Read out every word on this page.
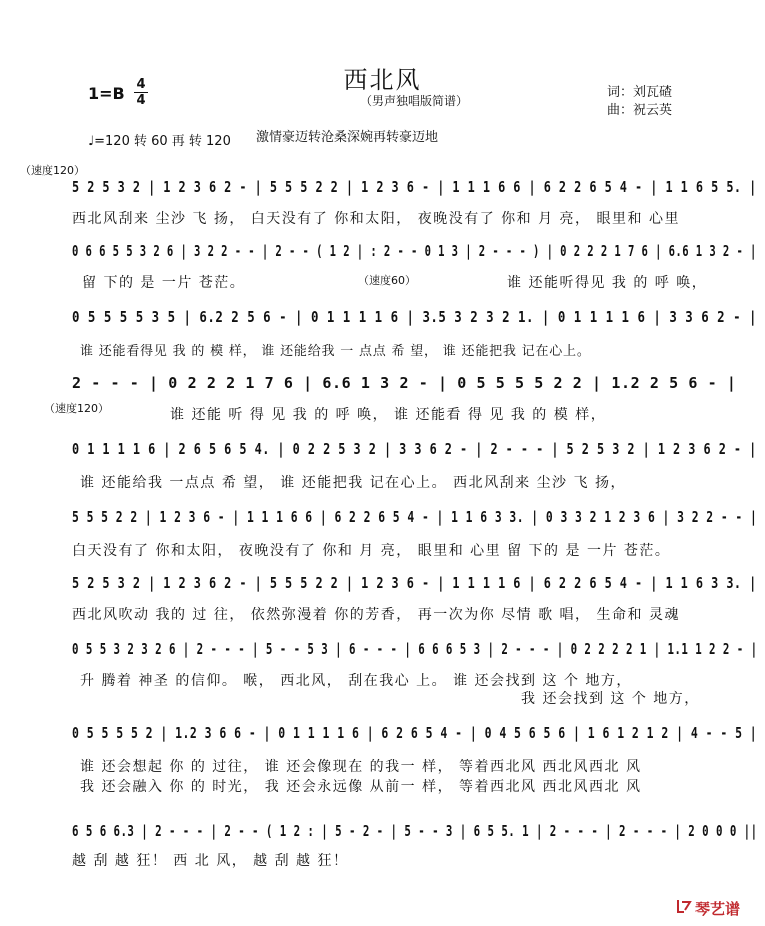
西北风
（男声独唱版简谱）
1=B 4
4
词：刘瓦碴
曲：祝云英
♩=120 转 60 再 转 120 激情豪迈转沧桑深婉再转豪迈地
（速度120）
5 2 5 3 2 | 1 2 3 6 2 - | 5 5 5 2 2 | 1 2 3 6 - | 1 1 1 6 6 | 6 2 2 6 5 4 - | 1 1 6 5 5. |
西北风刮来 尘沙 飞 扬， 白天没有了 你和太阳， 夜晚没有了 你和 月 亮， 眼里和 心里
0 6 6 5 5 3 2 6 | 3 2 2 - - | 2 - - ( 1 2 | : 2 - - 0 1 3 | 2 - - - ) | 0 2 2 2 1 7 6 | 6.6 1 3 2 - |
留 下的 是 一片 苍茫。	（速度60）	谁 还能听得见 我 的 呼 唤，
0 5 5 5 5 3 5 | 6.2 2 5 6 - | 0 1 1 1 1 6 | 3.5 3 2 3 2 1. | 0 1 1 1 1 6 | 3 3 6 2 - |
谁 还能看得见 我 的 模 样， 谁 还能给我 一 点点 希 望， 谁 还能把我 记在心上。
2 - - - | 0 2 2 2 1 7 6 | 6.6 1 3 2 - | 0 5 5 5 5 2 2 | 1.2 2 5 6 - |
（速度120）	谁 还能 听 得 见 我 的 呼 唤， 谁 还能看 得 见 我 的 模 样，
0 1 1 1 1 6 | 2 6 5 6 5 4. | 0 2 2 5 3 2 | 3 3 6 2 - | 2 - - - | 5 2 5 3 2 | 1 2 3 6 2 - |
谁 还能给我 一点点 希 望， 谁 还能把我 记在心上。 西北风刮来 尘沙 飞 扬，
5 5 5 2 2 | 1 2 3 6 - | 1 1 1 6 6 | 6 2 2 6 5 4 - | 1 1 6 3 3. | 0 3 3 2 1 2 3 6 | 3 2 2 - - |
白天没有了 你和太阳， 夜晚没有了 你和 月 亮， 眼里和 心里 留 下的 是 一片 苍茫。
5 2 5 3 2 | 1 2 3 6 2 - | 5 5 5 2 2 | 1 2 3 6 - | 1 1 1 1 6 | 6 2 2 6 5 4 - | 1 1 6 3 3. |
西北风吹动 我的 过 往， 依然弥漫着 你的芳香， 再一次为你 尽情 歌 唱， 生命和 灵魂
0 5 5 3 2 3 2 6 | 2 - - - | 5 - - 5 3 | 6 - - - | 6 6 6 5 3 | 2 - - - | 0 2 2 2 2 1 | 1.1 1 2 2 - |
升 腾着 神圣 的信仰。 喉， 西北风， 刮在我心 上。 谁 还会找到 这 个 地方，
我 还会找到 这 个 地方，
0 5 5 5 5 2 | 1.2 3 6 6 - | 0 1 1 1 1 6 | 6 2 6 5 4 - | 0 4 5 6 5 6 | 1 6 1 2 1 2 | 4 - - 5 |
谁 还会想起 你 的 过往， 谁 还会像现在 的我一 样， 等着西北风 西北风西北 风
我 还会融入 你 的 时光， 我 还会永远像 从前一 样， 等着西北风 西北风西北 风
6 5 6 6.3 | 2 - - - | 2 - - ( 1 2 : | 5 - 2 - | 5 - - 3 | 6 5 5. 1 | 2 - - - | 2 - - - | 2 0 0 0 ||
越 刮 越 狂！ 西 北 风， 越 刮 越 狂！
琴艺谱
